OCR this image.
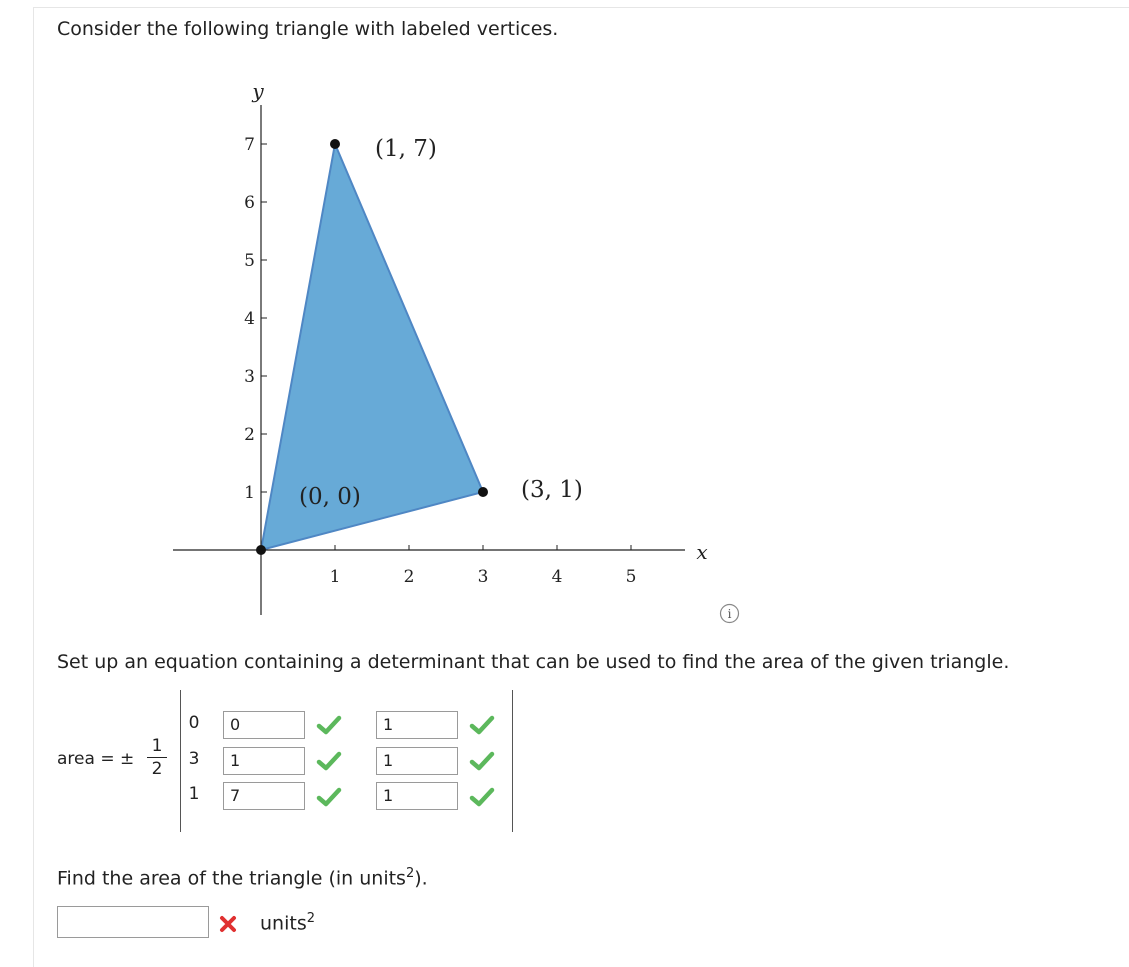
Consider the following triangle with labeled vertices.
1	2	3	4	5
1
2
3
4
5
6
7
x
y
(0, 0)
(1, 7)
(3, 1)
i
Set up an equation containing a determinant that can be used to find the area of the given triangle.
area = ±
1
2
0	0	1
3	1	1
1	7	1
Find the area of the triangle (in units$^2$).
units$^2$
